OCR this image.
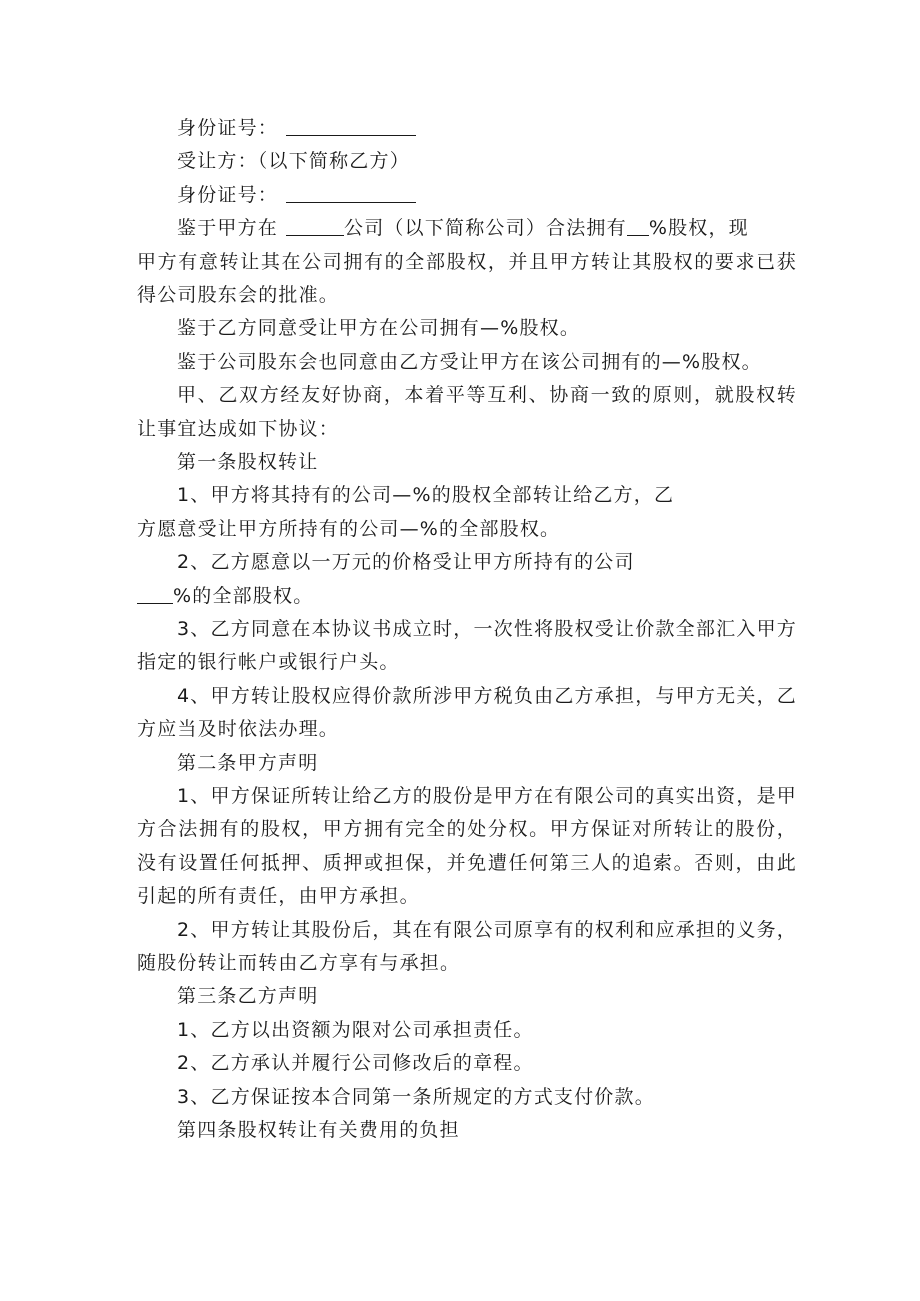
身份证号：
受让方：（以下简称乙方）
身份证号：
鉴于甲方在	公司（以下简称公司）合法拥有 %股权，现
甲方有意转让其在公司拥有的全部股权，并且甲方转让其股权的要求已获得公司股东会的批准。
鉴于乙方同意受让甲方在公司拥有—%股权。
鉴于公司股东会也同意由乙方受让甲方在该公司拥有的—%股权。
甲、乙双方经友好协商，本着平等互利、协商一致的原则，就股权转让事宜达成如下协议：
第一条股权转让
1、甲方将其持有的公司—%的股权全部转让给乙方，乙
方愿意受让甲方所持有的公司—%的全部股权。
2、乙方愿意以一万元的价格受让甲方所持有的公司
%的全部股权。
3、乙方同意在本协议书成立时，一次性将股权受让价款全部汇入甲方指定的银行帐户或银行户头。
4、甲方转让股权应得价款所涉甲方税负由乙方承担，与甲方无关，乙方应当及时依法办理。
第二条甲方声明
1、甲方保证所转让给乙方的股份是甲方在有限公司的真实出资，是甲方合法拥有的股权，甲方拥有完全的处分权。甲方保证对所转让的股份，没有设置任何抵押、质押或担保，并免遭任何第三人的追索。否则，由此引起的所有责任，由甲方承担。
2、甲方转让其股份后，其在有限公司原享有的权利和应承担的义务，随股份转让而转由乙方享有与承担。
第三条乙方声明
1、乙方以出资额为限对公司承担责任。
2、乙方承认并履行公司修改后的章程。
3、乙方保证按本合同第一条所规定的方式支付价款。
第四条股权转让有关费用的负担
